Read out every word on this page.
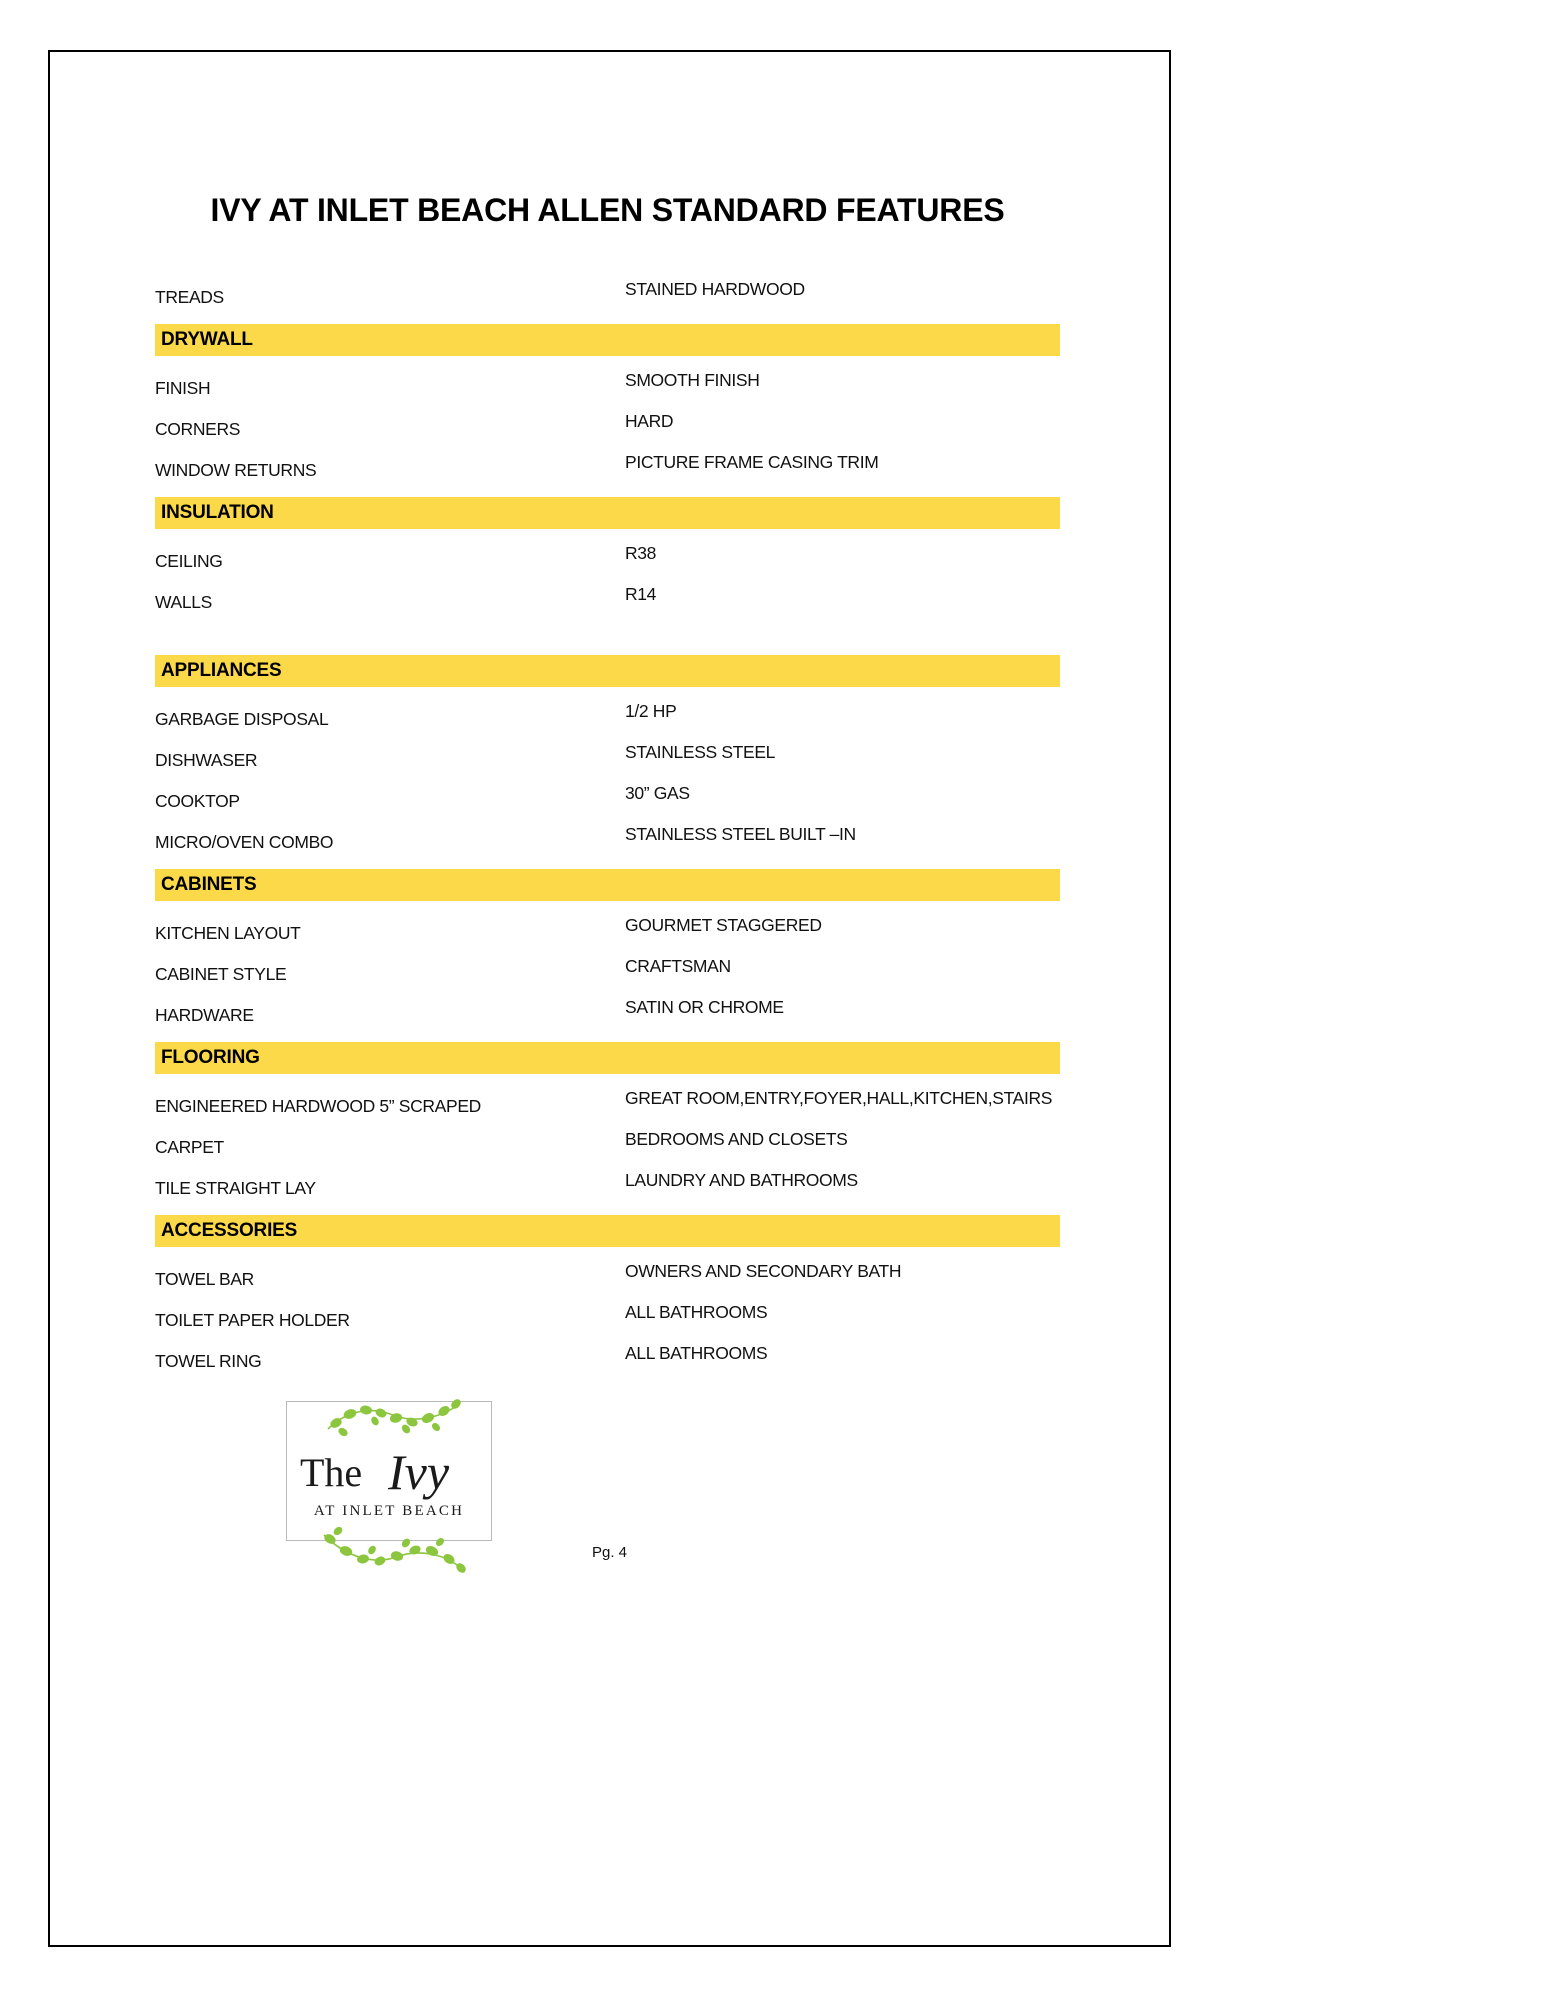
IVY AT INLET BEACH ALLEN STANDARD FEATURES
TREADS	STAINED HARDWOOD
DRYWALL
FINISH	SMOOTH FINISH
CORNERS	HARD
WINDOW RETURNS	PICTURE FRAME CASING TRIM
INSULATION
CEILING	R38
WALLS	R14
APPLIANCES
GARBAGE DISPOSAL	1/2 HP
DISHWASER	STAINLESS STEEL
COOKTOP	30” GAS
MICRO/OVEN COMBO	STAINLESS STEEL BUILT –IN
CABINETS
KITCHEN LAYOUT	GOURMET STAGGERED
CABINET STYLE	CRAFTSMAN
HARDWARE	SATIN OR CHROME
FLOORING
ENGINEERED HARDWOOD 5” SCRAPED	GREAT ROOM,ENTRY,FOYER,HALL,KITCHEN,STAIRS
CARPET	BEDROOMS AND CLOSETS
TILE STRAIGHT LAY	LAUNDRY AND BATHROOMS
ACCESSORIES
TOWEL BAR	OWNERS AND SECONDARY BATH
TOILET PAPER HOLDER	ALL BATHROOMS
TOWEL RING	ALL BATHROOMS
The Ivy
AT INLET BEACH
Pg. 4
